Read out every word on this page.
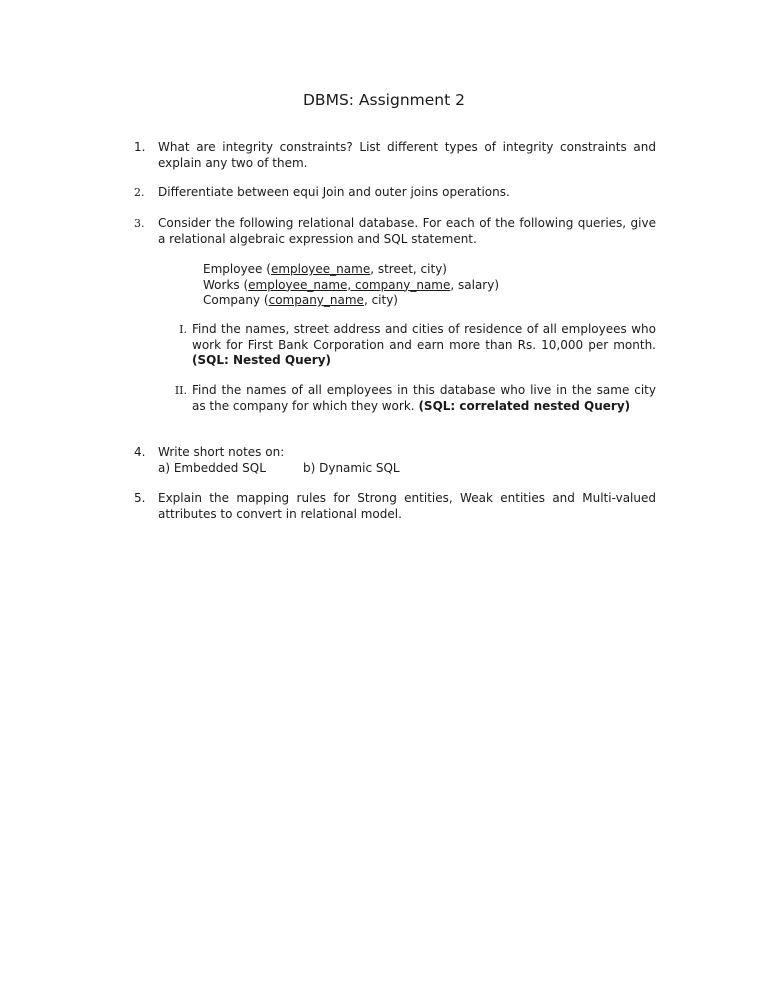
DBMS: Assignment 2
1.	What are integrity constraints? List different types of integrity constraints and explain any two of them.
2.	Differentiate between equi Join and outer joins operations.
3.	Consider the following relational database. For each of the following queries, give a relational algebraic expression and SQL statement.
Employee (employee_name, street, city)
Works (employee_name, company_name, salary)
Company (company_name, city)
I. Find the names, street address and cities of residence of all employees who work for First Bank Corporation and earn more than Rs. 10,000 per month. (SQL: Nested Query)
II. Find the names of all employees in this database who live in the same city as the company for which they work. (SQL: correlated nested Query)
4.	Write short notes on:
a) Embedded SQL	b) Dynamic SQL
5.	Explain the mapping rules for Strong entities, Weak entities and Multi-valued attributes to convert in relational model.
